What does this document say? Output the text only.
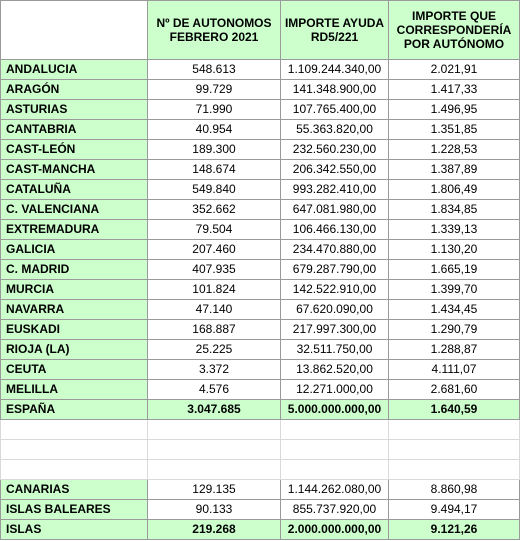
	Nº DE AUTONOMOS FEBRERO 2021	IMPORTE AYUDA RD5/221	IMPORTE QUE CORRESPONDERÍA POR AUTÓNOMO
ANDALUCIA	548.613	1.109.244.340,00	2.021,91
ARAGÓN	99.729	141.348.900,00	1.417,33
ASTURIAS	71.990	107.765.400,00	1.496,95
CANTABRIA	40.954	55.363.820,00	1.351,85
CAST-LEÓN	189.300	232.560.230,00	1.228,53
CAST-MANCHA	148.674	206.342.550,00	1.387,89
CATALUÑA	549.840	993.282.410,00	1.806,49
C. VALENCIANA	352.662	647.081.980,00	1.834,85
EXTREMADURA	79.504	106.466.130,00	1.339,13
GALICIA	207.460	234.470.880,00	1.130,20
C. MADRID	407.935	679.287.790,00	1.665,19
MURCIA	101.824	142.522.910,00	1.399,70
NAVARRA	47.140	67.620.090,00	1.434,45
EUSKADI	168.887	217.997.300,00	1.290,79
RIOJA (LA)	25.225	32.511.750,00	1.288,87
CEUTA	3.372	13.862.520,00	4.111,07
MELILLA	4.576	12.271.000,00	2.681,60
ESPAÑA	3.047.685	5.000.000.000,00	1.640,59

CANARIAS	129.135	1.144.262.080,00	8.860,98
ISLAS BALEARES	90.133	855.737.920,00	9.494,17
ISLAS	219.268	2.000.000.000,00	9.121,26
